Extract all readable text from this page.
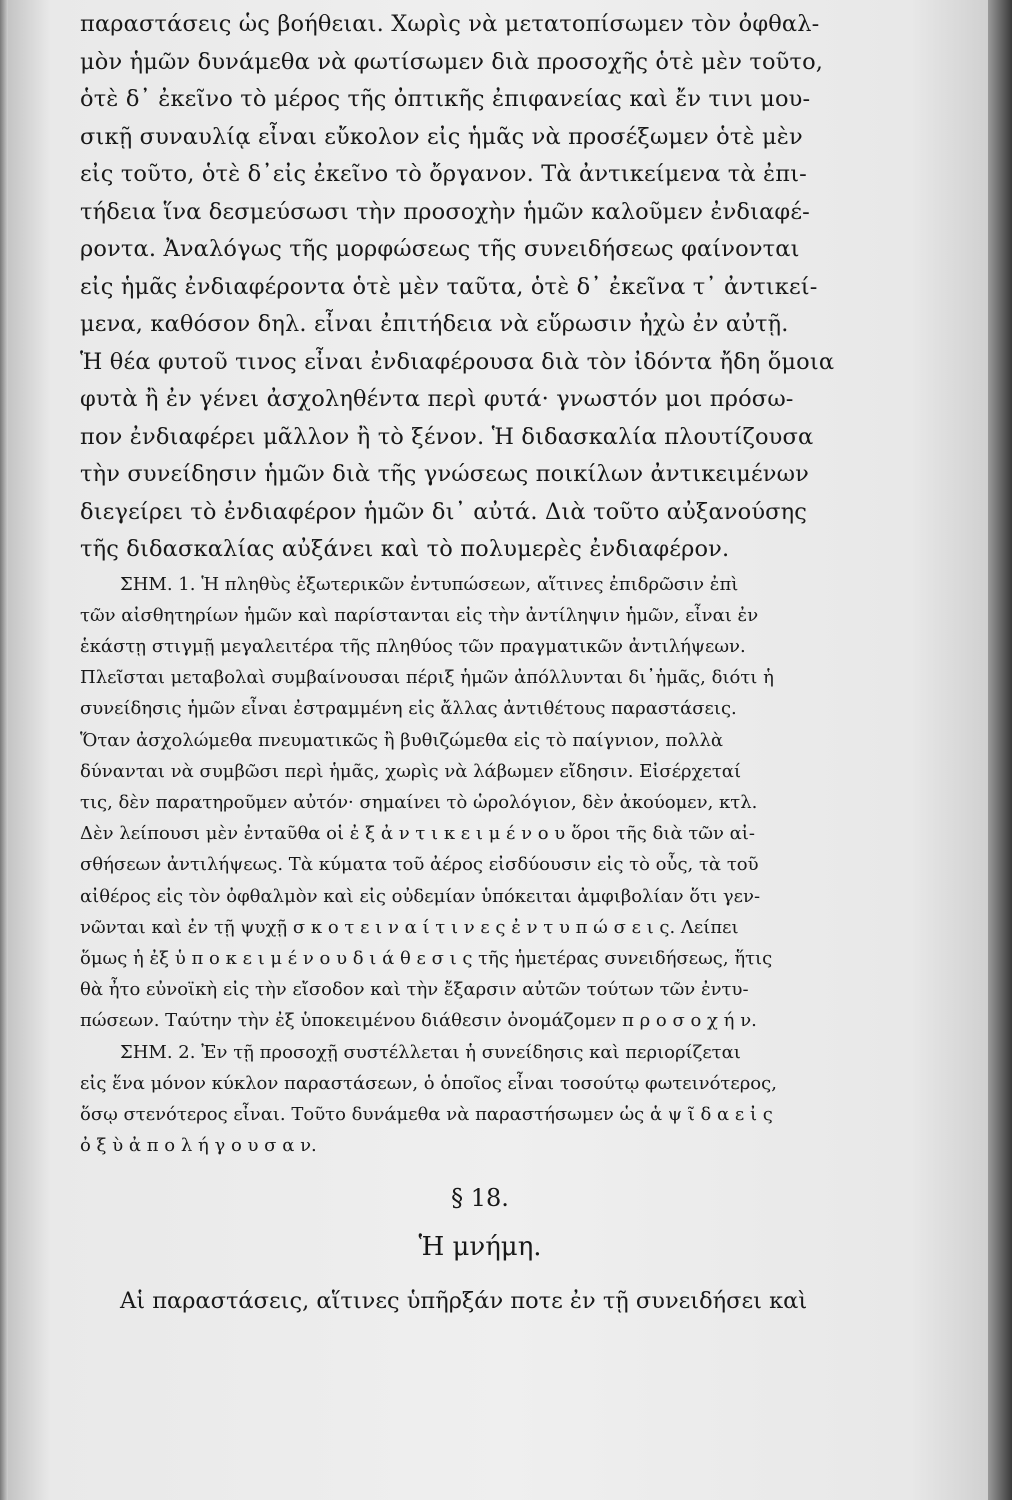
παραστάσεις ὡς βοήθειαι. Χωρὶς νὰ μετατοπίσωμεν τὸν ὀφθαλ-
μὸν ἡμῶν δυνάμεθα νὰ φωτίσωμεν διὰ προσοχῆς ὁτὲ μὲν τοῦτο,
ὁτὲ δ᾽ ἐκεῖνο τὸ μέρος τῆς ὀπτικῆς ἐπιφανείας καὶ ἔν τινι μου-
σικῇ συναυλίᾳ εἶναι εὔκολον εἰς ἡμᾶς νὰ προσέξωμεν ὁτὲ μὲν
εἰς τοῦτο, ὁτὲ δ᾽εἰς ἐκεῖνο τὸ ὄργανον. Τὰ ἀντικείμενα τὰ ἐπι-
τήδεια ἵνα δεσμεύσωσι τὴν προσοχὴν ἡμῶν καλοῦμεν ἐνδιαφέ-
ροντα. Ἀναλόγως τῆς μορφώσεως τῆς συνειδήσεως φαίνονται
εἰς ἡμᾶς ἐνδιαφέροντα ὁτὲ μὲν ταῦτα, ὁτὲ δ᾽ ἐκεῖνα τ᾽ ἀντικεί-
μενα, καθόσον δηλ. εἶναι ἐπιτήδεια νὰ εὕρωσιν ἠχὼ ἐν αὐτῇ.
Ἡ θέα φυτοῦ τινος εἶναι ἐνδιαφέρουσα διὰ τὸν ἰδόντα ἤδη ὅμοια
φυτὰ ἢ ἐν γένει ἀσχοληθέντα περὶ φυτά· γνωστόν μοι πρόσω-
πον ἐνδιαφέρει μᾶλλον ἢ τὸ ξένον. Ἡ διδασκαλία πλουτίζουσα
τὴν συνείδησιν ἡμῶν διὰ τῆς γνώσεως ποικίλων ἀντικειμένων
διεγείρει τὸ ἐνδιαφέρον ἡμῶν δι᾽ αὐτά. Διὰ τοῦτο αὐξανούσης
τῆς διδασκαλίας αὐξάνει καὶ τὸ πολυμερὲς ἐνδιαφέρον.
ΣΗΜ. 1. Ἡ πληθὺς ἐξωτερικῶν ἐντυπώσεων, αἵτινες ἐπιδρῶσιν ἐπὶ
τῶν αἰσθητηρίων ἡμῶν καὶ παρίστανται εἰς τὴν ἀντίληψιν ἡμῶν, εἶναι ἐν
ἑκάστῃ στιγμῇ μεγαλειτέρα τῆς πληθύος τῶν πραγματικῶν ἀντιλήψεων.
Πλεῖσται μεταβολαὶ συμβαίνουσαι πέριξ ἡμῶν ἀπόλλυνται δι᾽ἡμᾶς, διότι ἡ
συνείδησις ἡμῶν εἶναι ἐστραμμένη εἰς ἄλλας ἀντιθέτους παραστάσεις.
Ὅταν ἀσχολώμεθα πνευματικῶς ἢ βυθιζώμεθα εἰς τὸ παίγνιον, πολλὰ
δύνανται νὰ συμβῶσι περὶ ἡμᾶς, χωρὶς νὰ λάβωμεν εἴδησιν. Εἰσέρχεταί
τις, δὲν παρατηροῦμεν αὐτόν· σημαίνει τὸ ὡρολόγιον, δὲν ἀκούομεν, κτλ.
Δὲν λείπουσι μὲν ἐνταῦθα οἱ ἐ ξ ἀ ν τ ι κ ε ι μ έ ν ο υ ὅροι τῆς διὰ τῶν αἰ-
σθήσεων ἀντιλήψεως. Τὰ κύματα τοῦ ἀέρος εἰσδύουσιν εἰς τὸ οὖς, τὰ τοῦ
αἰθέρος εἰς τὸν ὀφθαλμὸν καὶ εἰς οὐδεμίαν ὑπόκειται ἀμφιβολίαν ὅτι γεν-
νῶνται καὶ ἐν τῇ ψυχῇ σ κ ο τ ε ι ν α ί τ ι ν ε ς ἐ ν τ υ π ώ σ ε ι ς. Λείπει
ὅμως ἡ ἐξ ὑ π ο κ ε ι μ έ ν ο υ δ ι ά θ ε σ ι ς τῆς ἡμετέρας συνειδήσεως, ἥτις
θὰ ἦτο εὐνοϊκὴ εἰς τὴν εἴσοδον καὶ τὴν ἔξαρσιν αὐτῶν τούτων τῶν ἐντυ-
πώσεων. Ταύτην τὴν ἐξ ὑποκειμένου διάθεσιν ὀνομάζομεν π ρ ο σ ο χ ή ν.
ΣΗΜ. 2. Ἐν τῇ προσοχῇ συστέλλεται ἡ συνείδησις καὶ περιορίζεται
εἰς ἕνα μόνον κύκλον παραστάσεων, ὁ ὁποῖος εἶναι τοσούτῳ φωτεινότερος,
ὅσῳ στενότερος εἶναι. Τοῦτο δυνάμεθα νὰ παραστήσωμεν ὡς ἁ ψ ῖ δ α ε ἰ ς
ὀ ξ ὺ ἀ π ο λ ή γ ο υ σ α ν.
§ 18.
Ἡ μνήμη.
Αἱ παραστάσεις, αἵτινες ὑπῆρξάν ποτε ἐν τῇ συνειδήσει καὶ
